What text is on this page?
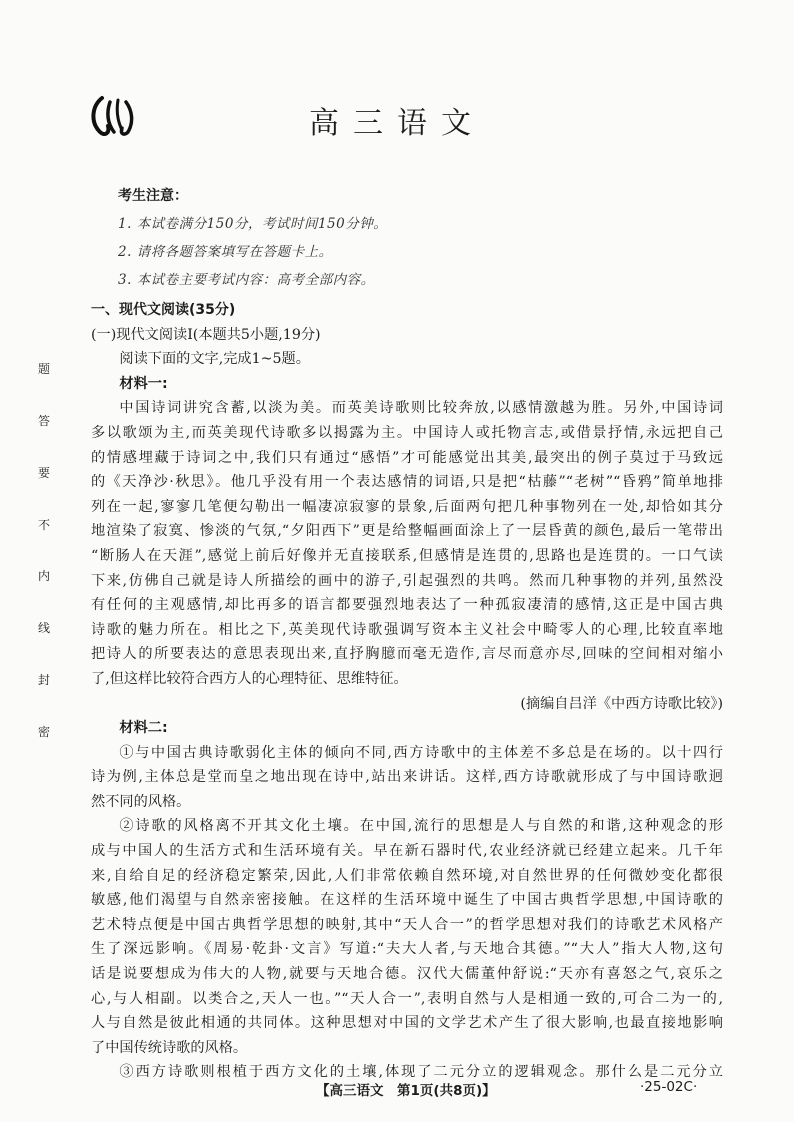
高三语文
考生注意：
1. 本试卷满分150分，考试时间150分钟。
2. 请将各题答案填写在答题卡上。
3. 本试卷主要考试内容：高考全部内容。
题
答
要
不
内
线
封
密

一、现代文阅读(35分)

(一)现代文阅读Ⅰ(本题共5小题,19分)

阅读下面的文字,完成1~5题。

材料一:

中国诗词讲究含蓄,以淡为美。而英美诗歌则比较奔放,以感情激越为胜。另外,中国诗词

多以歌颂为主,而英美现代诗歌多以揭露为主。中国诗人或托物言志,或借景抒情,永远把自己

的情感埋藏于诗词之中,我们只有通过“感悟”才可能感觉出其美,最突出的例子莫过于马致远

的《天净沙·秋思》。他几乎没有用一个表达感情的词语,只是把“枯藤”“老树”“昏鸦”简单地排

列在一起,寥寥几笔便勾勒出一幅凄凉寂寥的景象,后面两句把几种事物列在一处,却恰如其分

地渲染了寂寞、惨淡的气氛,“夕阳西下”更是给整幅画面涂上了一层昏黄的颜色,最后一笔带出

“断肠人在天涯”,感觉上前后好像并无直接联系,但感情是连贯的,思路也是连贯的。一口气读

下来,仿佛自己就是诗人所描绘的画中的游子,引起强烈的共鸣。然而几种事物的并列,虽然没

有任何的主观感情,却比再多的语言都要强烈地表达了一种孤寂凄清的感情,这正是中国古典

诗歌的魅力所在。相比之下,英美现代诗歌强调写资本主义社会中畸零人的心理,比较直率地

把诗人的所要表达的意思表现出来,直抒胸臆而毫无造作,言尽而意亦尽,回味的空间相对缩小

了,但这样比较符合西方人的心理特征、思维特征。

(摘编自吕洋《中西方诗歌比较》)

材料二:

①与中国古典诗歌弱化主体的倾向不同,西方诗歌中的主体差不多总是在场的。以十四行

诗为例,主体总是堂而皇之地出现在诗中,站出来讲话。这样,西方诗歌就形成了与中国诗歌迥

然不同的风格。

②诗歌的风格离不开其文化土壤。在中国,流行的思想是人与自然的和谐,这种观念的形

成与中国人的生活方式和生活环境有关。早在新石器时代,农业经济就已经建立起来。几千年

来,自给自足的经济稳定繁荣,因此,人们非常依赖自然环境,对自然世界的任何微妙变化都很

敏感,他们渴望与自然亲密接触。在这样的生活环境中诞生了中国古典哲学思想,中国诗歌的

艺术特点便是中国古典哲学思想的映射,其中“天人合一”的哲学思想对我们的诗歌艺术风格产

生了深远影响。《周易·乾卦·文言》写道:“夫大人者,与天地合其德。”“大人”指大人物,这句

话是说要想成为伟大的人物,就要与天地合德。汉代大儒董仲舒说:“天亦有喜怒之气,哀乐之

心,与人相副。以类合之,天人一也。”“天人合一”,表明自然与人是相通一致的,可合二为一的,

人与自然是彼此相通的共同体。这种思想对中国的文学艺术产生了很大影响,也最直接地影响

了中国传统诗歌的风格。

③西方诗歌则根植于西方文化的土壤,体现了二元分立的逻辑观念。那什么是二元分立

【高三语文　第1页(共8页)】	·25-02C·
